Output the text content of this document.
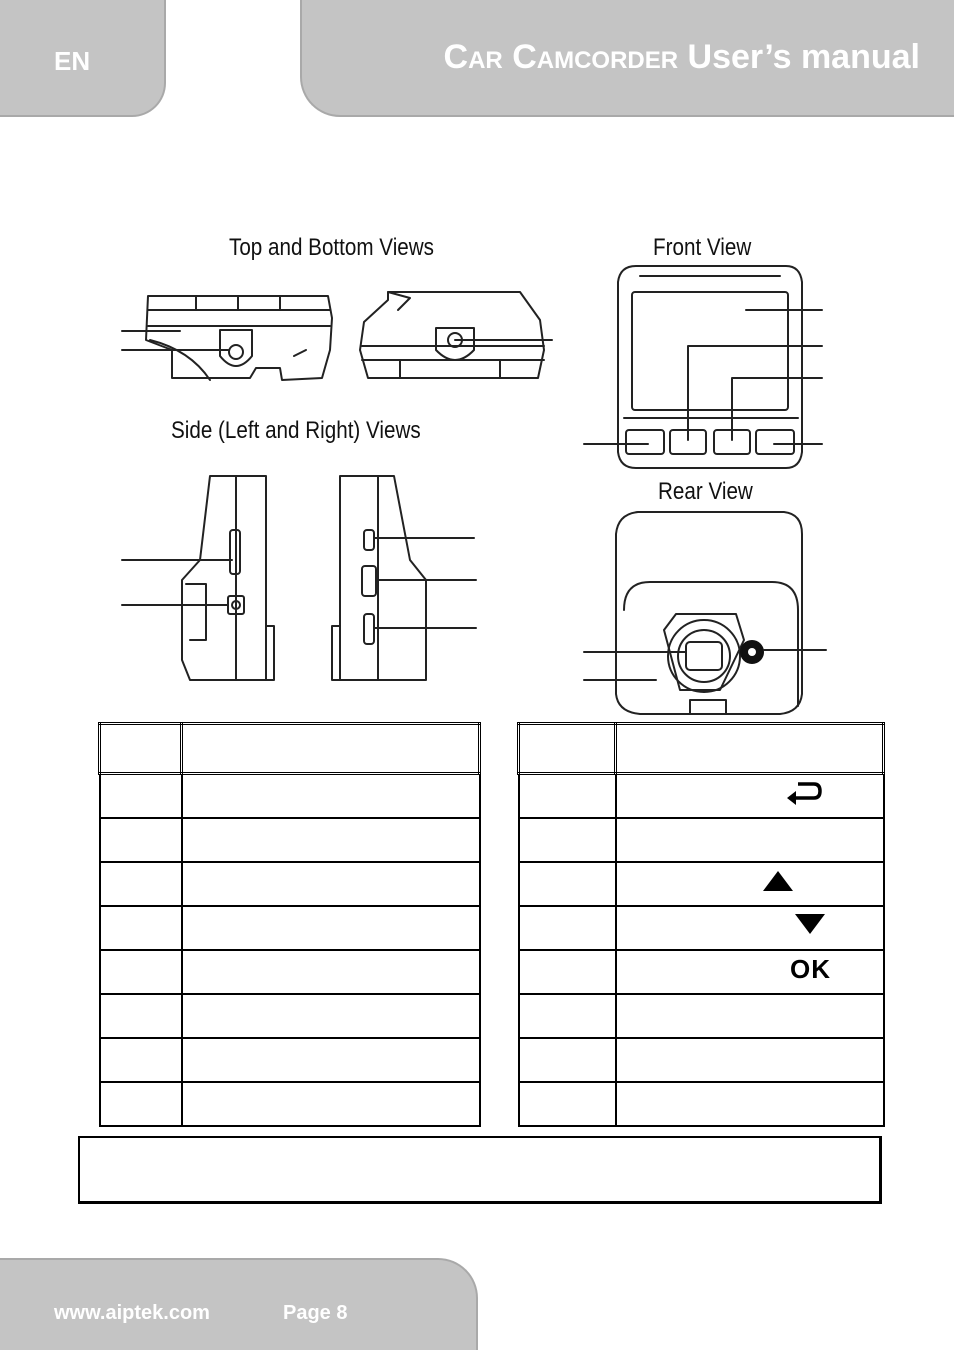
EN	Car Camcorder User’s manual
Top and Bottom Views
Side (Left and Right) Views
Front View
Rear View

OK
www.aiptek.com	Page 8
